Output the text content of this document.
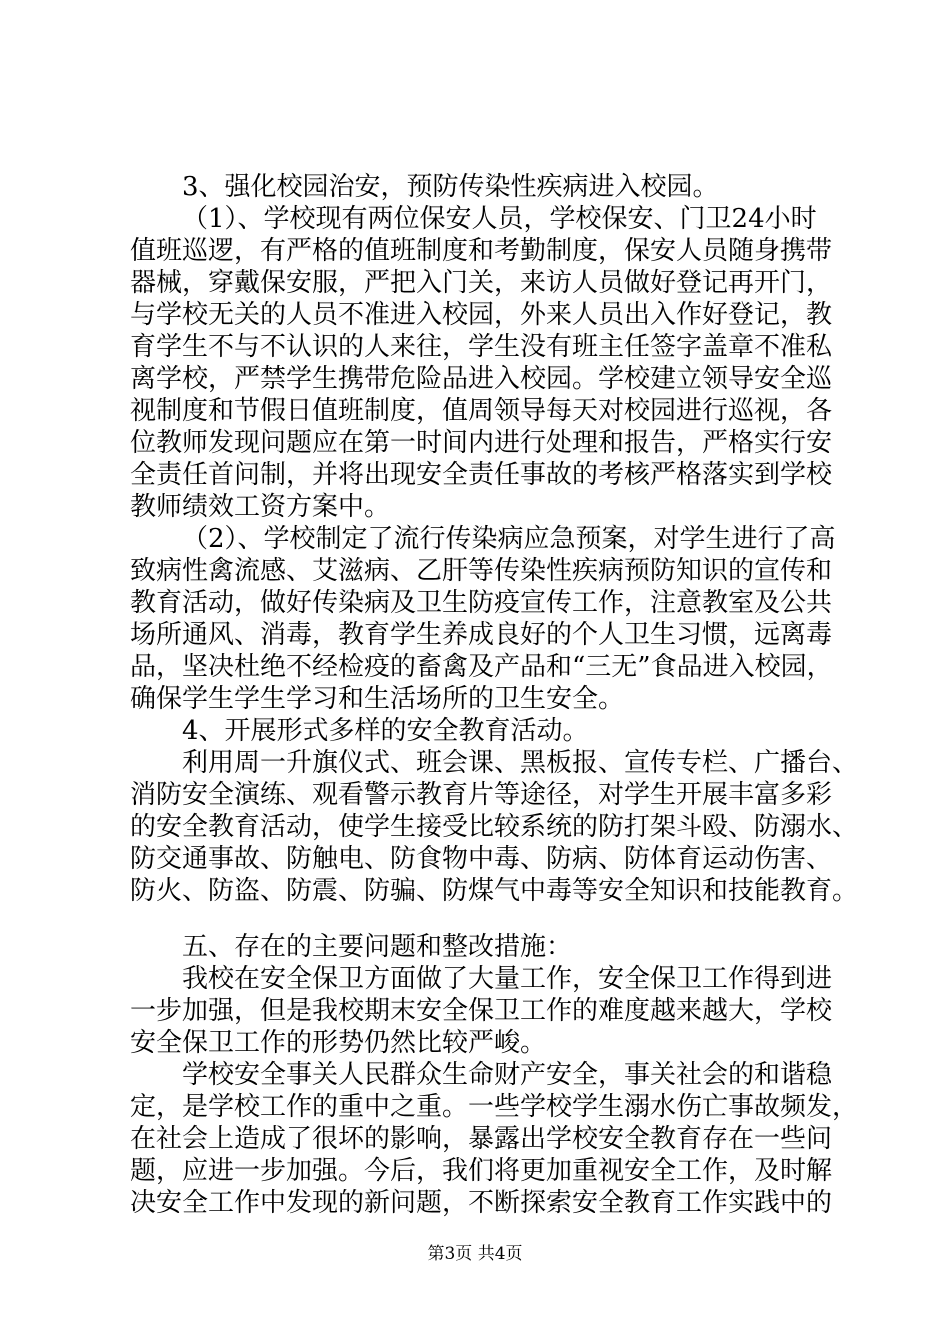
3、强化校园治安，预防传染性疾病进入校园。
（1）、学校现有两位保安人员，学校保安、门卫24小时
值班巡逻，有严格的值班制度和考勤制度，保安人员随身携带
器械，穿戴保安服，严把入门关，来访人员做好登记再开门，
与学校无关的人员不准进入校园，外来人员出入作好登记，教
育学生不与不认识的人来往，学生没有班主任签字盖章不准私
离学校，严禁学生携带危险品进入校园。学校建立领导安全巡
视制度和节假日值班制度，值周领导每天对校园进行巡视，各
位教师发现问题应在第一时间内进行处理和报告，严格实行安
全责任首问制，并将出现安全责任事故的考核严格落实到学校
教师绩效工资方案中。
（2）、学校制定了流行传染病应急预案，对学生进行了高
致病性禽流感、艾滋病、乙肝等传染性疾病预防知识的宣传和
教育活动，做好传染病及卫生防疫宣传工作，注意教室及公共
场所通风、消毒，教育学生养成良好的个人卫生习惯，远离毒
品，坚决杜绝不经检疫的畜禽及产品和“三无”食品进入校园，
确保学生学生学习和生活场所的卫生安全。
4、开展形式多样的安全教育活动。
利用周一升旗仪式、班会课、黑板报、宣传专栏、广播台、
消防安全演练、观看警示教育片等途径，对学生开展丰富多彩
的安全教育活动，使学生接受比较系统的防打架斗殴、防溺水、
防交通事故、防触电、防食物中毒、防病、防体育运动伤害、
防火、防盗、防震、防骗、防煤气中毒等安全知识和技能教育。
五、存在的主要问题和整改措施：
我校在安全保卫方面做了大量工作，安全保卫工作得到进
一步加强，但是我校期末安全保卫工作的难度越来越大，学校
安全保卫工作的形势仍然比较严峻。
学校安全事关人民群众生命财产安全，事关社会的和谐稳
定，是学校工作的重中之重。一些学校学生溺水伤亡事故频发，
在社会上造成了很坏的影响，暴露出学校安全教育存在一些问
题，应进一步加强。今后，我们将更加重视安全工作，及时解
决安全工作中发现的新问题，不断探索安全教育工作实践中的
第3页 共4页
